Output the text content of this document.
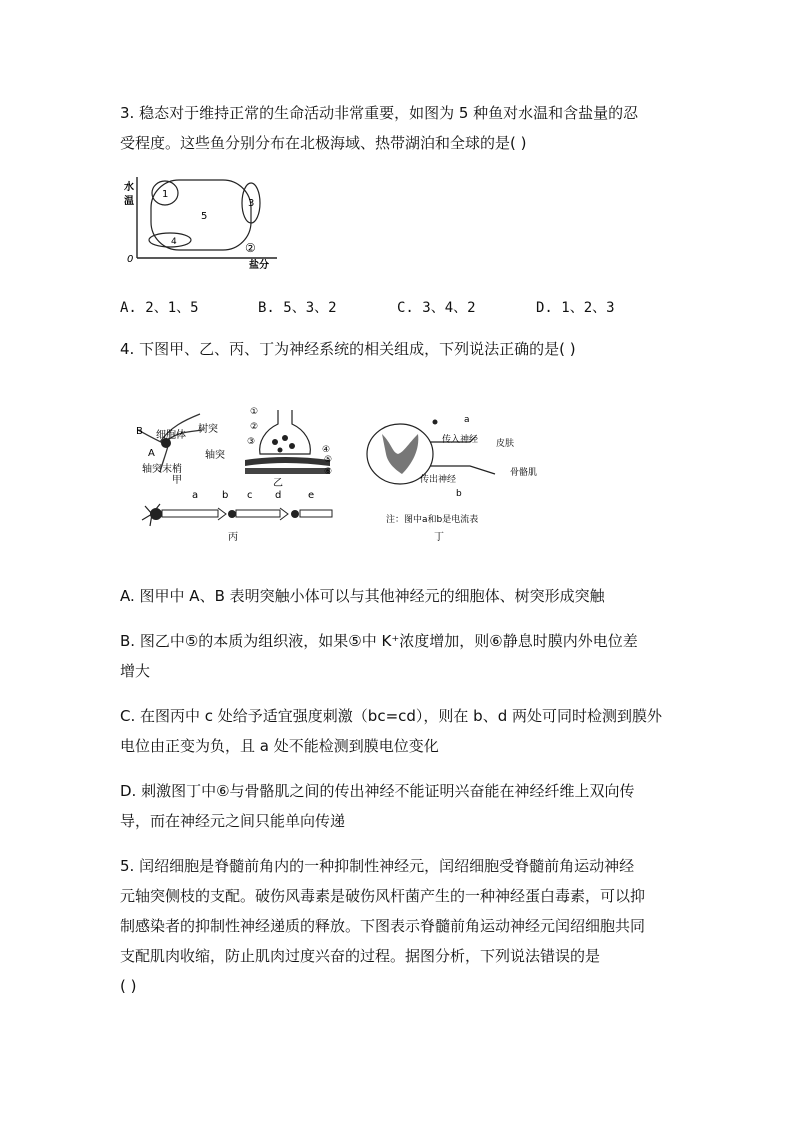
3. 稳态对于维持正常的生命活动非常重要，如图为 5 种鱼对水温和含盐量的忍
受程度。这些鱼分别分布在北极海域、热带湖泊和全球的是( )
水
温
0
盐分
1
5
3
4	②
A. 2、1、5	B. 5、3、2	C. 3、4、2	D. 1、2、3
4. 下图甲、乙、丙、丁为神经系统的相关组成，下列说法正确的是( )
B
A
细胞体
树突
轴突
轴突末梢
甲
①
②
③
④
⑤
⑥
乙
a b c d	e
丙
a
b
传入神经 皮肤
传出神经
骨骼肌
注：图中a和b是电流表
丁
A. 图甲中 A、B 表明突触小体可以与其他神经元的细胞体、树突形成突触
B. 图乙中⑤的本质为组织液，如果⑤中 K⁺浓度增加，则⑥静息时膜内外电位差
增大
C. 在图丙中 c 处给予适宜强度刺激（bc=cd），则在 b、d 两处可同时检测到膜外
电位由正变为负，且 a 处不能检测到膜电位变化
D. 刺激图丁中⑥与骨骼肌之间的传出神经不能证明兴奋能在神经纤维上双向传
导，而在神经元之间只能单向传递
5. 闰绍细胞是脊髓前角内的一种抑制性神经元，闰绍细胞受脊髓前角运动神经
元轴突侧枝的支配。破伤风毒素是破伤风杆菌产生的一种神经蛋白毒素，可以抑
制感染者的抑制性神经递质的释放。下图表示脊髓前角运动神经元闰绍细胞共同
支配肌肉收缩，防止肌肉过度兴奋的过程。据图分析，下列说法错误的是
( )
